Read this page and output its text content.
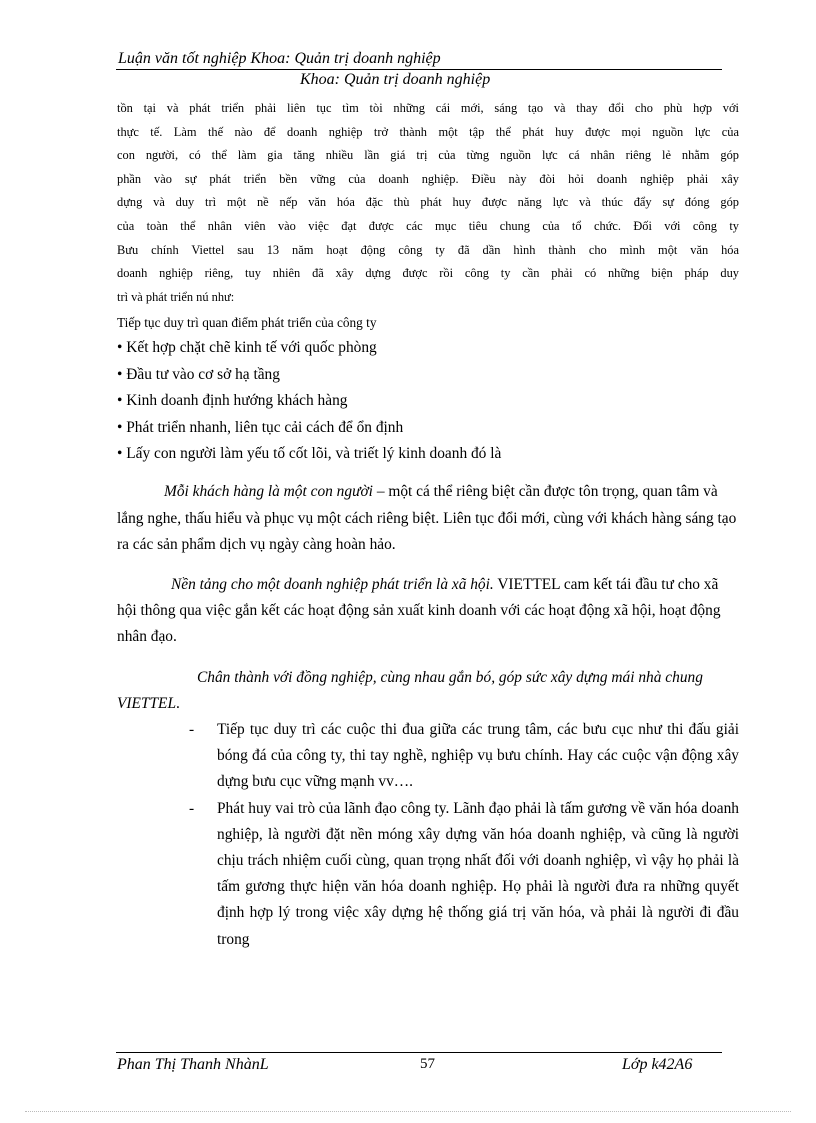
Luận văn tốt nghiệp Khoa: Quản trị doanh nghiệp
Khoa: Quản trị doanh nghiệp
tồn tại và phát triển phải liên tục tìm tòi những cái mới, sáng tạo và thay đổi cho phù hợp với
thực tế. Làm thế nào để doanh nghiệp trở thành một tập thể phát huy được mọi nguồn lực của
con người, có thể làm gia tăng nhiều lần giá trị của từng nguồn lực cá nhân riêng lẻ nhằm góp
phần vào sự phát triển bền vững của doanh nghiệp. Điều này đòi hỏi doanh nghiệp phải xây
dựng và duy trì một nề nếp văn hóa đặc thù phát huy được năng lực và thúc đẩy sự đóng góp
của toàn thể nhân viên vào việc đạt được các mục tiêu chung của tổ chức. Đối với công ty
Bưu chính Viettel sau 13 năm hoạt động công ty đã dần hình thành cho mình một văn hóa
doanh nghiệp riêng, tuy nhiên đã xây dựng được rồi công ty cần phải có những biện pháp duy
trì và phát triển nú như:
Tiếp tục duy trì quan điểm phát triển của công ty
• Kết hợp chặt chẽ kinh tế với quốc phòng
• Đầu tư vào cơ sở hạ tầng
• Kinh doanh định hướng khách hàng
• Phát triển nhanh, liên tục cải cách để ổn định
• Lấy con người làm yếu tố cốt lõi, và triết lý kinh doanh đó là

Mỗi khách hàng là một con người – một cá thể riêng biệt cần được tôn trọng, quan tâm và lắng nghe, thấu hiểu và phục vụ một cách riêng biệt. Liên tục đổi mới, cùng với khách hàng sáng tạo ra các sản phẩm dịch vụ ngày càng hoàn hảo.

Nền tảng cho một doanh nghiệp phát triển là xã hội. VIETTEL cam kết tái đầu tư cho xã hội thông qua việc gắn kết các hoạt động sản xuất kinh doanh với các hoạt động xã hội, hoạt động nhân đạo.

Chân thành với đồng nghiệp, cùng nhau gắn bó, góp sức xây dựng mái nhà chung VIETTEL.

- Tiếp tục duy trì các cuộc thi đua giữa các trung tâm, các bưu cục như thi đấu giải bóng đá của công ty, thi tay nghề, nghiệp vụ bưu chính. Hay các cuộc vận động xây dựng bưu cục vững mạnh vv….
- Phát huy vai trò của lãnh đạo công ty. Lãnh đạo phải là tấm gương về văn hóa doanh nghiệp, là người đặt nền móng xây dựng văn hóa doanh nghiệp, và cũng là người chịu trách nhiệm cuối cùng, quan trọng nhất đối với doanh nghiệp, vì vậy họ phải là tấm gương thực hiện văn hóa doanh nghiệp. Họ phải là người đưa ra những quyết định hợp lý trong việc xây dựng hệ thống giá trị văn hóa, và phải là người đi đầu trong
Phan Thị Thanh NhànL	57	Lớp k42A6
